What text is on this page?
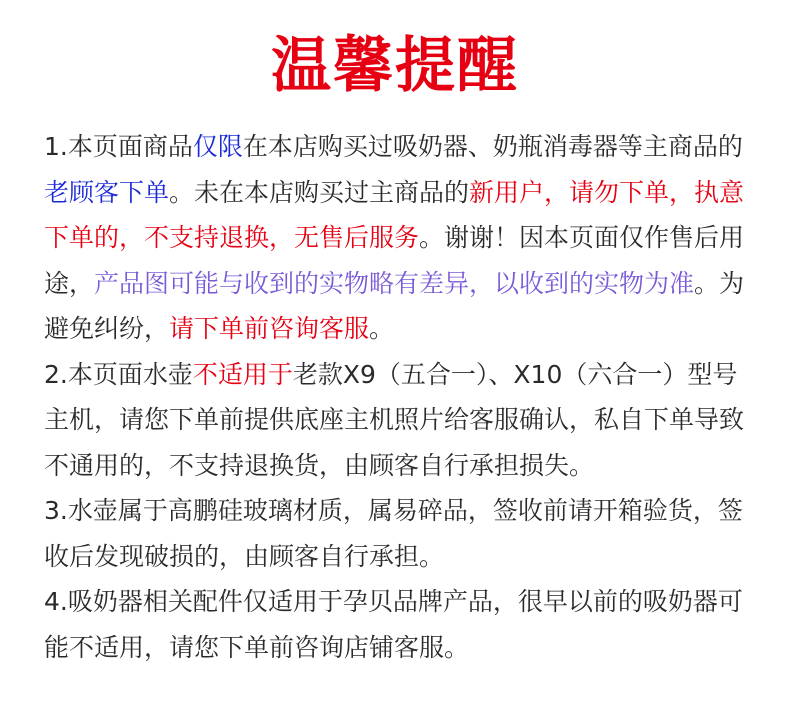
温馨提醒

1.本页面商品仅限在本店购买过吸奶器、奶瓶消毒器等主商品的老顾客下单。未在本店购买过主商品的新用户，请勿下单，执意下单的，不支持退换，无售后服务。谢谢！因本页面仅作售后用途，产品图可能与收到的实物略有差异，以收到的实物为准。为避免纠纷，请下单前咨询客服。

2.本页面水壶不适用于老款X9（五合一）、X10（六合一）型号主机，请您下单前提供底座主机照片给客服确认，私自下单导致不通用的，不支持退换货，由顾客自行承担损失。

3.水壶属于高鹏硅玻璃材质，属易碎品，签收前请开箱验货，签收后发现破损的，由顾客自行承担。

4.吸奶器相关配件仅适用于孕贝品牌产品，很早以前的吸奶器可能不适用，请您下单前咨询店铺客服。
